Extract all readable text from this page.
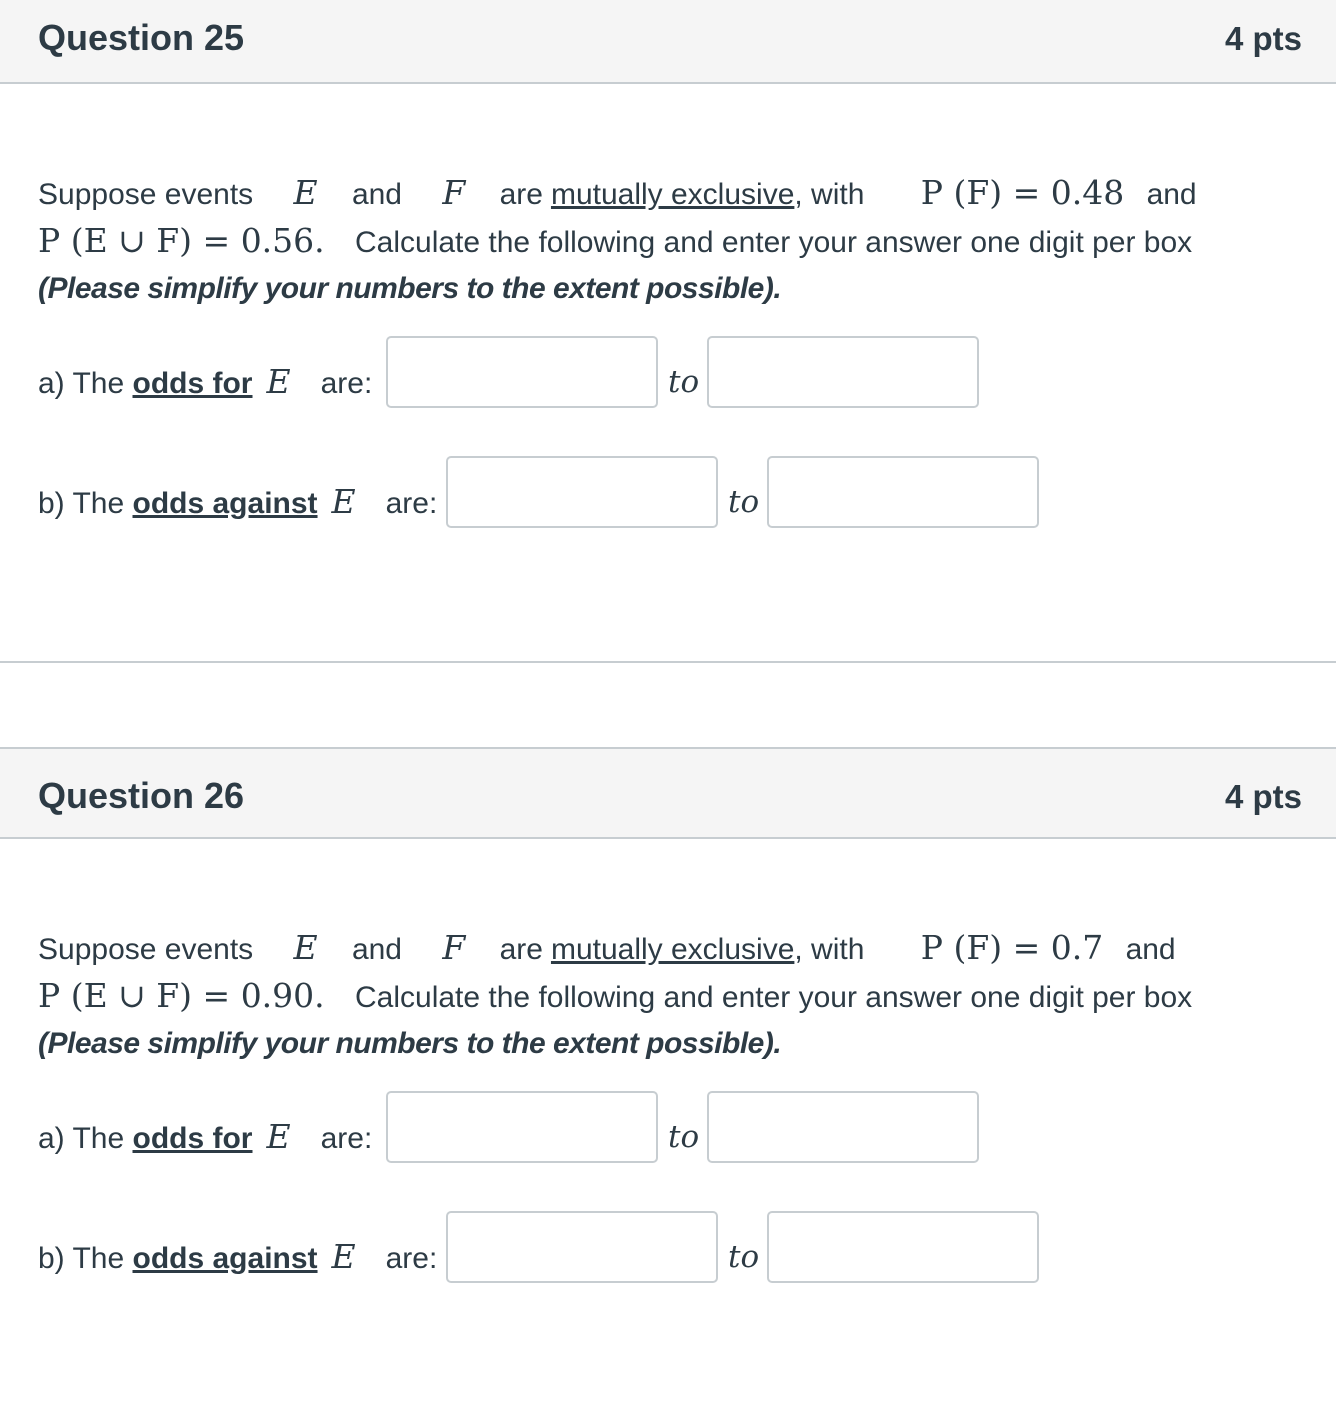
Question 25	4 pts
Suppose events E and F are mutually exclusive, with P (F) = 0.48 and
P (E ∪ F) = 0.56. Calculate the following and enter your answer one digit per box
(Please simplify your numbers to the extent possible).
a) The odds for E are:	to
b) The odds against E are:	to
Question 26	4 pts
Suppose events E and F are mutually exclusive, with P (F) = 0.7 and
P (E ∪ F) = 0.90. Calculate the following and enter your answer one digit per box
(Please simplify your numbers to the extent possible).
a) The odds for E are:	to
b) The odds against E are:	to
